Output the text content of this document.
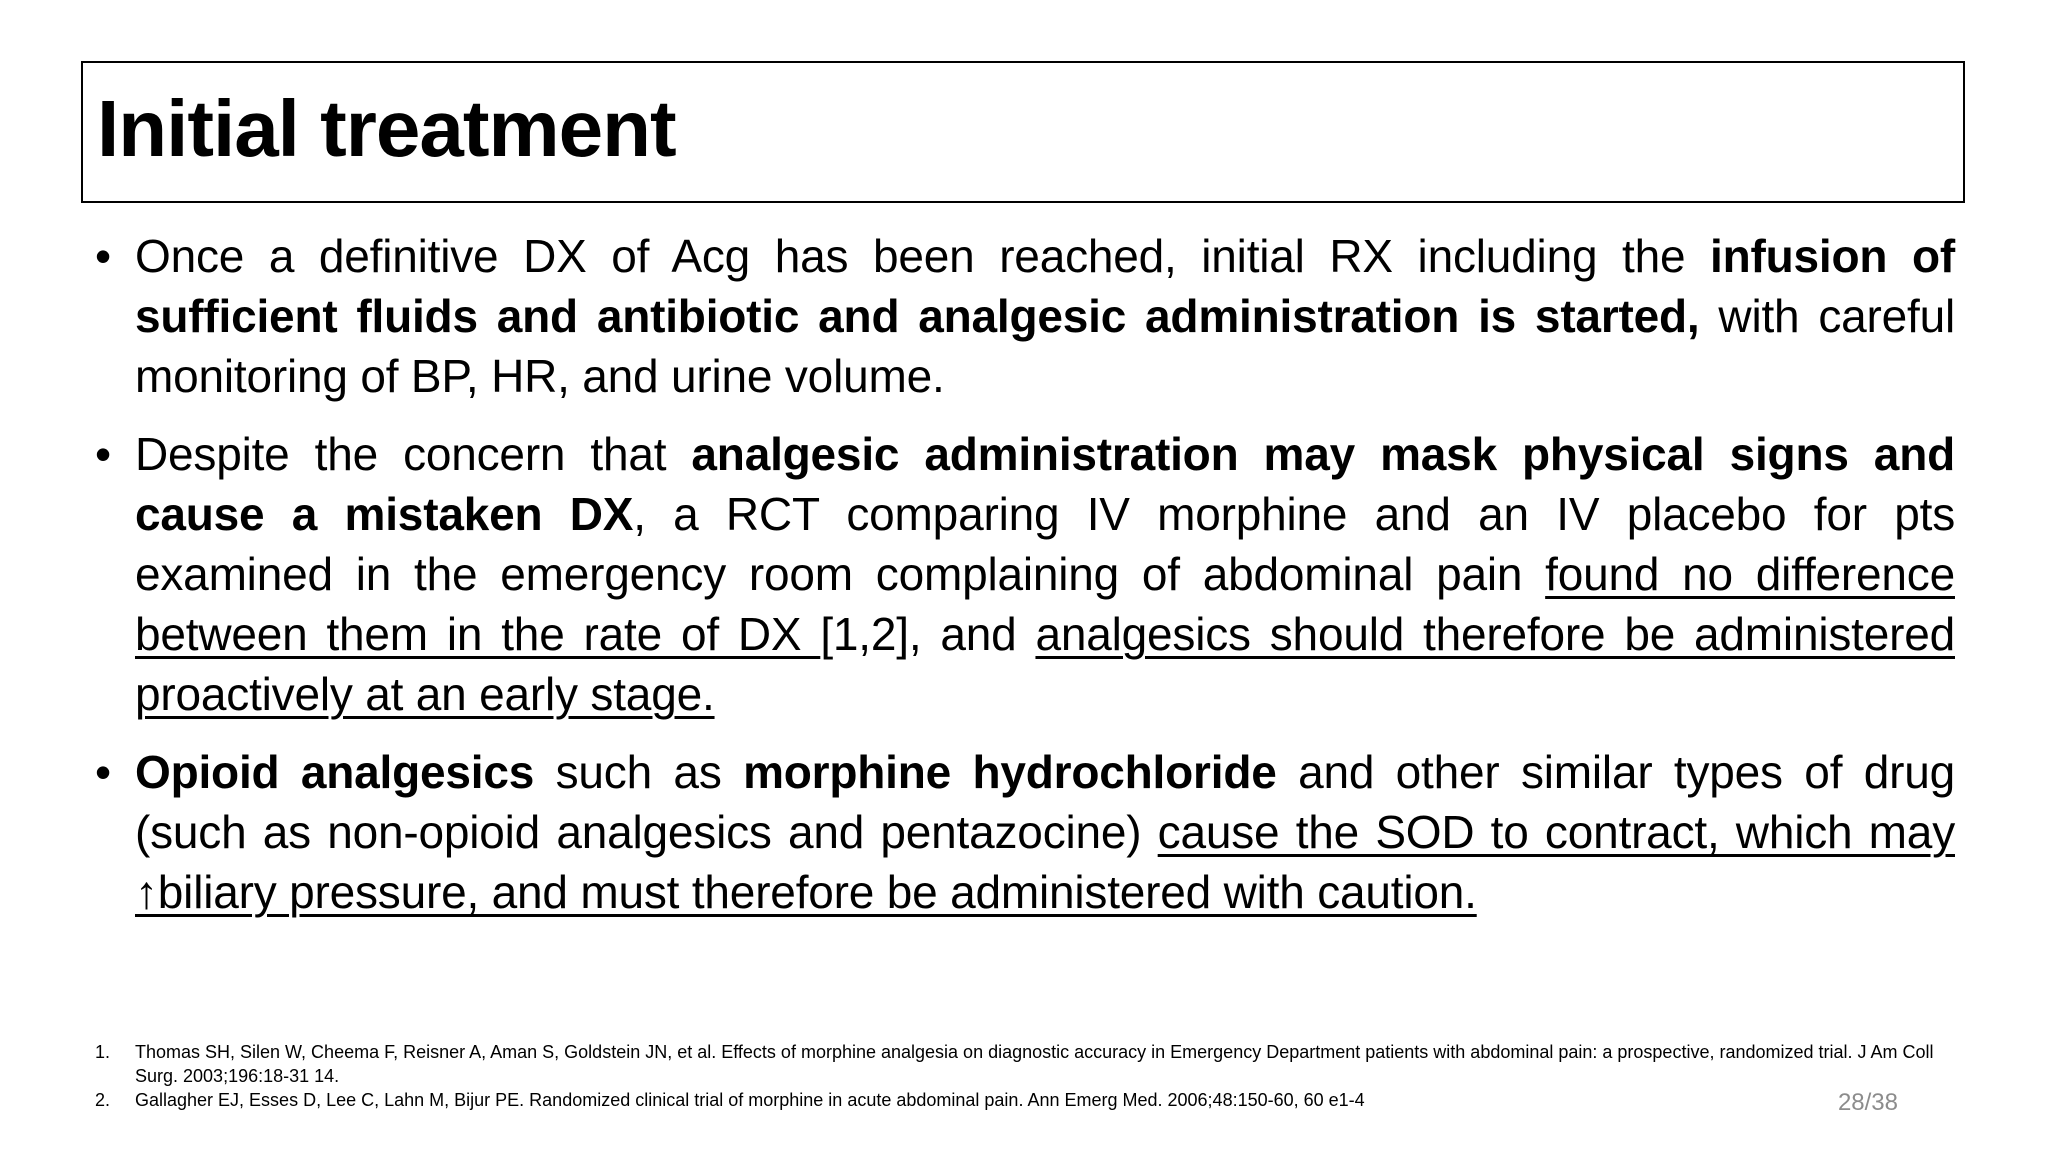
Initial treatment
• Once a definitive DX of Acg has been reached, initial RX including the infusion of sufficient fluids and antibiotic and analgesic administration is started, with careful monitoring of BP, HR, and urine volume.
• Despite the concern that analgesic administration may mask physical signs and cause a mistaken DX, a RCT comparing IV morphine and an IV placebo for pts examined in the emergency room complaining of abdominal pain found no difference between them in the rate of DX [1,2], and analgesics should therefore be administered proactively at an early stage.
• Opioid analgesics such as morphine hydrochloride and other similar types of drug (such as non-opioid analgesics and pentazocine) cause the SOD to contract, which may ↑biliary pressure, and must therefore be administered with caution.
1. Thomas SH, Silen W, Cheema F, Reisner A, Aman S, Goldstein JN, et al. Effects of morphine analgesia on diagnostic accuracy in Emergency Department patients with abdominal pain: a prospective, randomized trial. J Am Coll Surg. 2003;196:18-31 14.
2. Gallagher EJ, Esses D, Lee C, Lahn M, Bijur PE. Randomized clinical trial of morphine in acute abdominal pain. Ann Emerg Med. 2006;48:150-60, 60 e1-4	28/38
